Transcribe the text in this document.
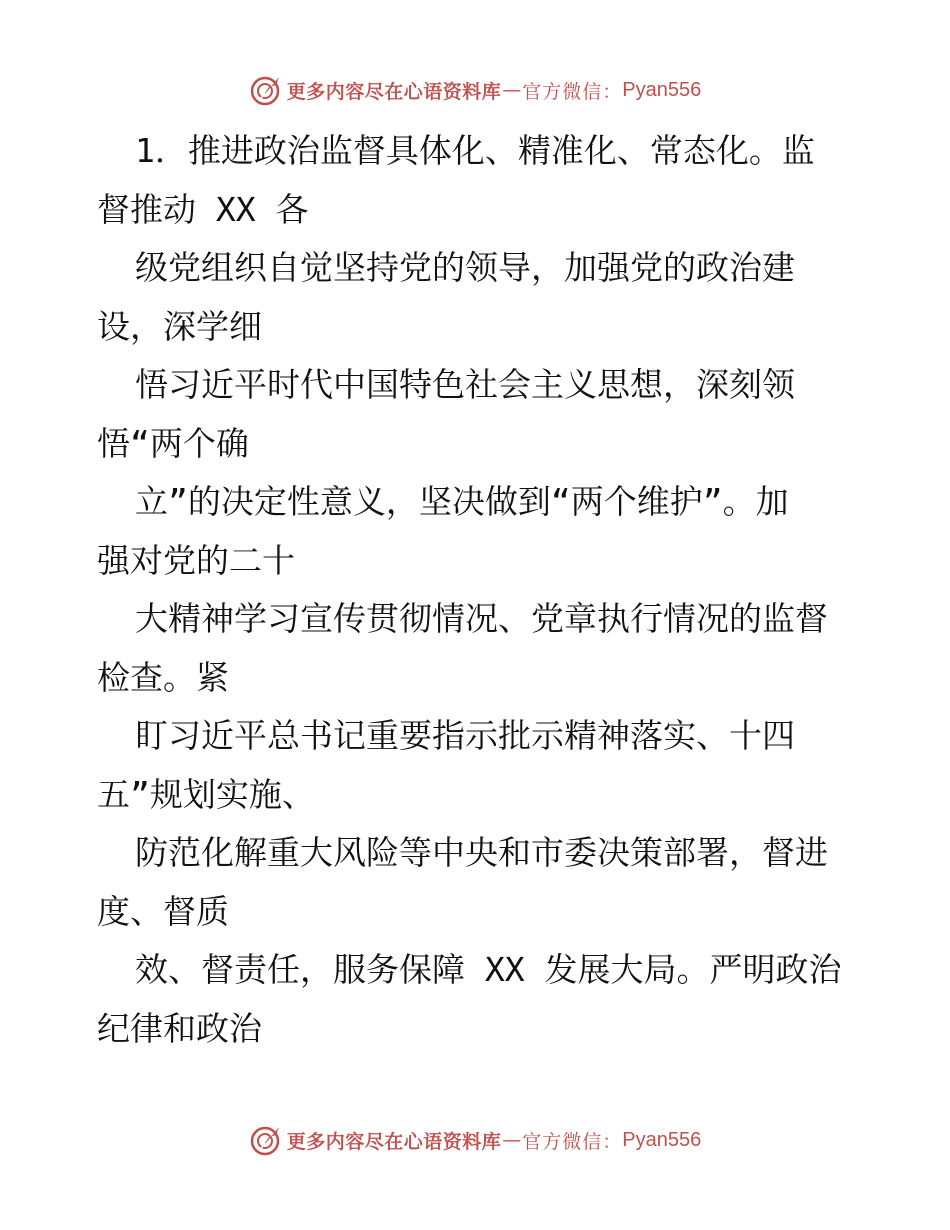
更多内容尽在心语资料库 — 官方微信： Pyan556
1．推进政治监督具体化、精准化、常态化。监
督推动 XX 各
级党组织自觉坚持党的领导，加强党的政治建
设，深学细
悟习近平时代中国特色社会主义思想，深刻领
悟“两个确
立”的决定性意义，坚决做到“两个维护”。加
强对党的二十
大精神学习宣传贯彻情况、党章执行情况的监督
检查。紧
盯习近平总书记重要指示批示精神落实、十四
五”规划实施、
防范化解重大风险等中央和市委决策部署，督进
度、督质
效、督责任，服务保障 XX 发展大局。严明政治
纪律和政治
更多内容尽在心语资料库 — 官方微信： Pyan556
